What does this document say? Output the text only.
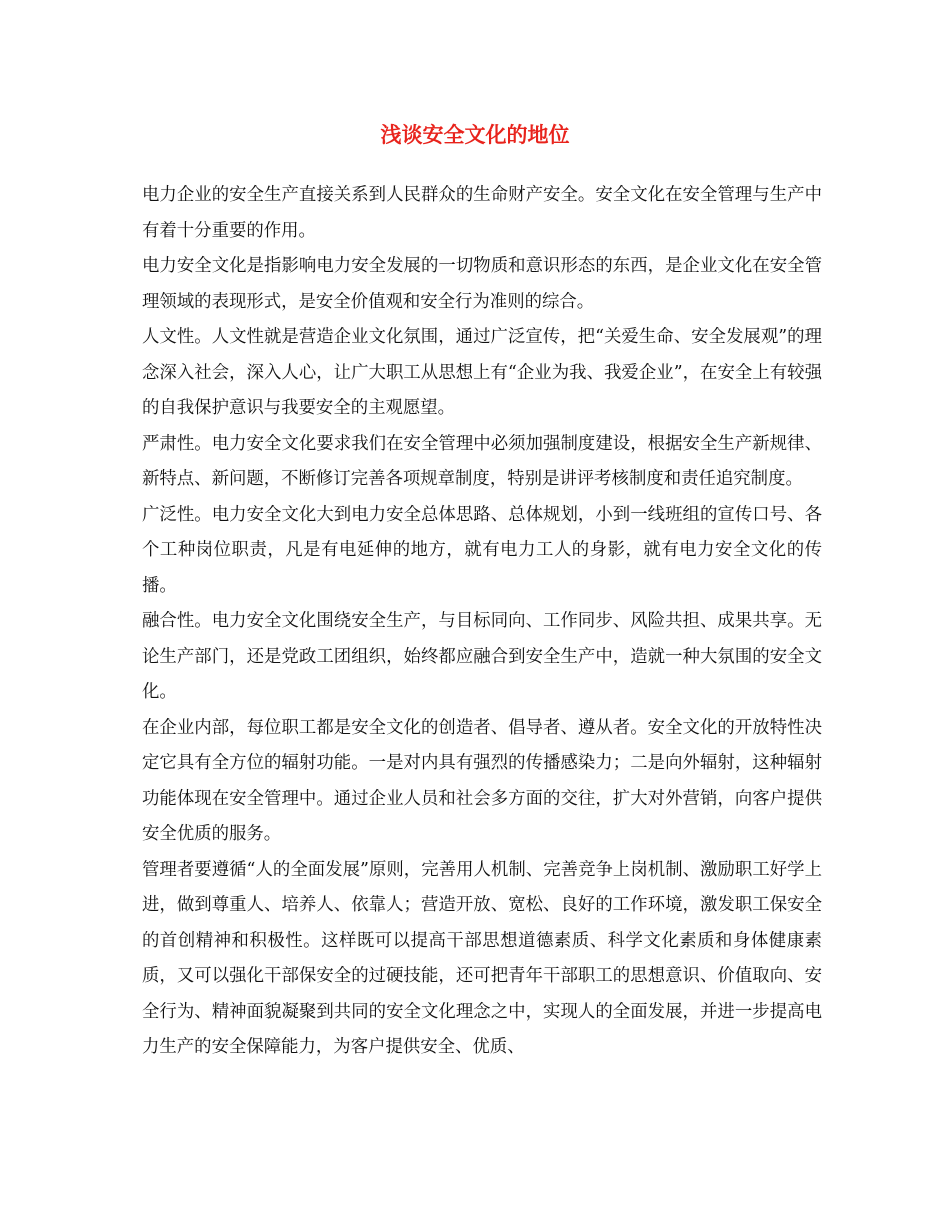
浅谈安全文化的地位

电力企业的安全生产直接关系到人民群众的生命财产安全。安全文化在安全管理与生产中有着十分重要的作用。

电力安全文化是指影响电力安全发展的一切物质和意识形态的东西，是企业文化在安全管理领域的表现形式，是安全价值观和安全行为准则的综合。

人文性。人文性就是营造企业文化氛围，通过广泛宣传，把“关爱生命、安全发展观”的理念深入社会，深入人心，让广大职工从思想上有“企业为我、我爱企业”，在安全上有较强的自我保护意识与我要安全的主观愿望。

严肃性。电力安全文化要求我们在安全管理中必须加强制度建设，根据安全生产新规律、新特点、新问题，不断修订完善各项规章制度，特别是讲评考核制度和责任追究制度。

广泛性。电力安全文化大到电力安全总体思路、总体规划，小到一线班组的宣传口号、各个工种岗位职责，凡是有电延伸的地方，就有电力工人的身影，就有电力安全文化的传播。

融合性。电力安全文化围绕安全生产，与目标同向、工作同步、风险共担、成果共享。无论生产部门，还是党政工团组织，始终都应融合到安全生产中，造就一种大氛围的安全文化。

在企业内部，每位职工都是安全文化的创造者、倡导者、遵从者。安全文化的开放特性决定它具有全方位的辐射功能。一是对内具有强烈的传播感染力；二是向外辐射，这种辐射功能体现在安全管理中。通过企业人员和社会多方面的交往，扩大对外营销，向客户提供安全优质的服务。

管理者要遵循“人的全面发展”原则，完善用人机制、完善竞争上岗机制、激励职工好学上进，做到尊重人、培养人、依靠人；营造开放、宽松、良好的工作环境，激发职工保安全的首创精神和积极性。这样既可以提高干部思想道德素质、科学文化素质和身体健康素质，又可以强化干部保安全的过硬技能，还可把青年干部职工的思想意识、价值取向、安全行为、精神面貌凝聚到共同的安全文化理念之中，实现人的全面发展，并进一步提高电力生产的安全保障能力，为客户提供安全、优质、
